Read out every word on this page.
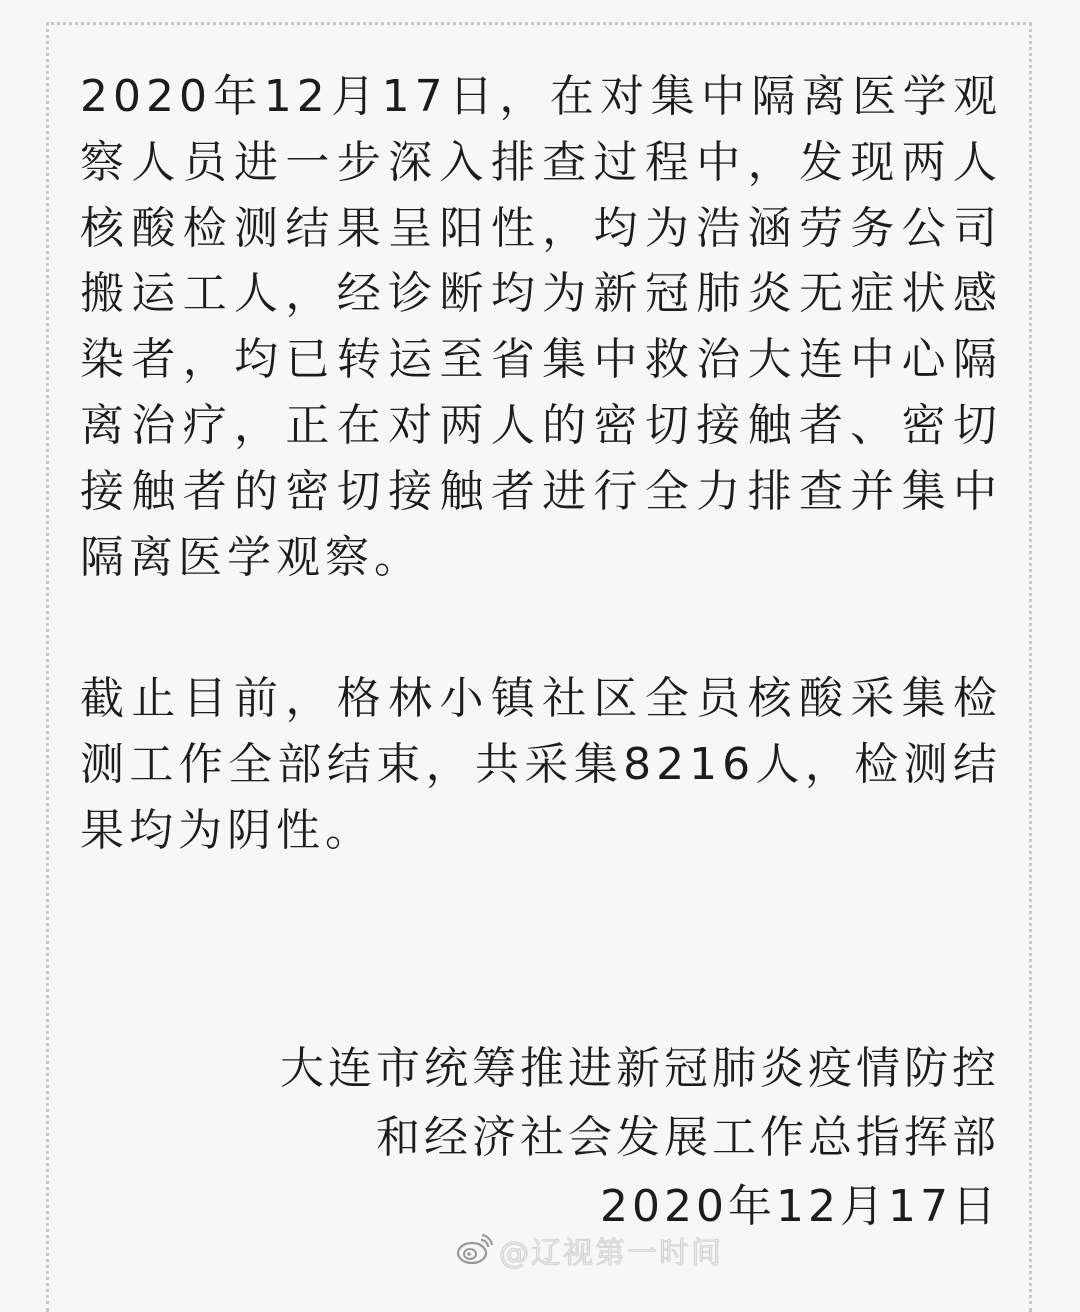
2020年12月17日，在对集中隔离医学观察人员进一步深入排查过程中，发现两人核酸检测结果呈阳性，均为浩涵劳务公司搬运工人，经诊断均为新冠肺炎无症状感染者，均已转运至省集中救治大连中心隔离治疗，正在对两人的密切接触者、密切接触者的密切接触者进行全力排查并集中隔离医学观察。

截止目前，格林小镇社区全员核酸采集检测工作全部结束，共采集8216人，检测结果均为阴性。

大连市统筹推进新冠肺炎疫情防控
和经济社会发展工作总指挥部
2020年12月17日
@辽视第一时间
